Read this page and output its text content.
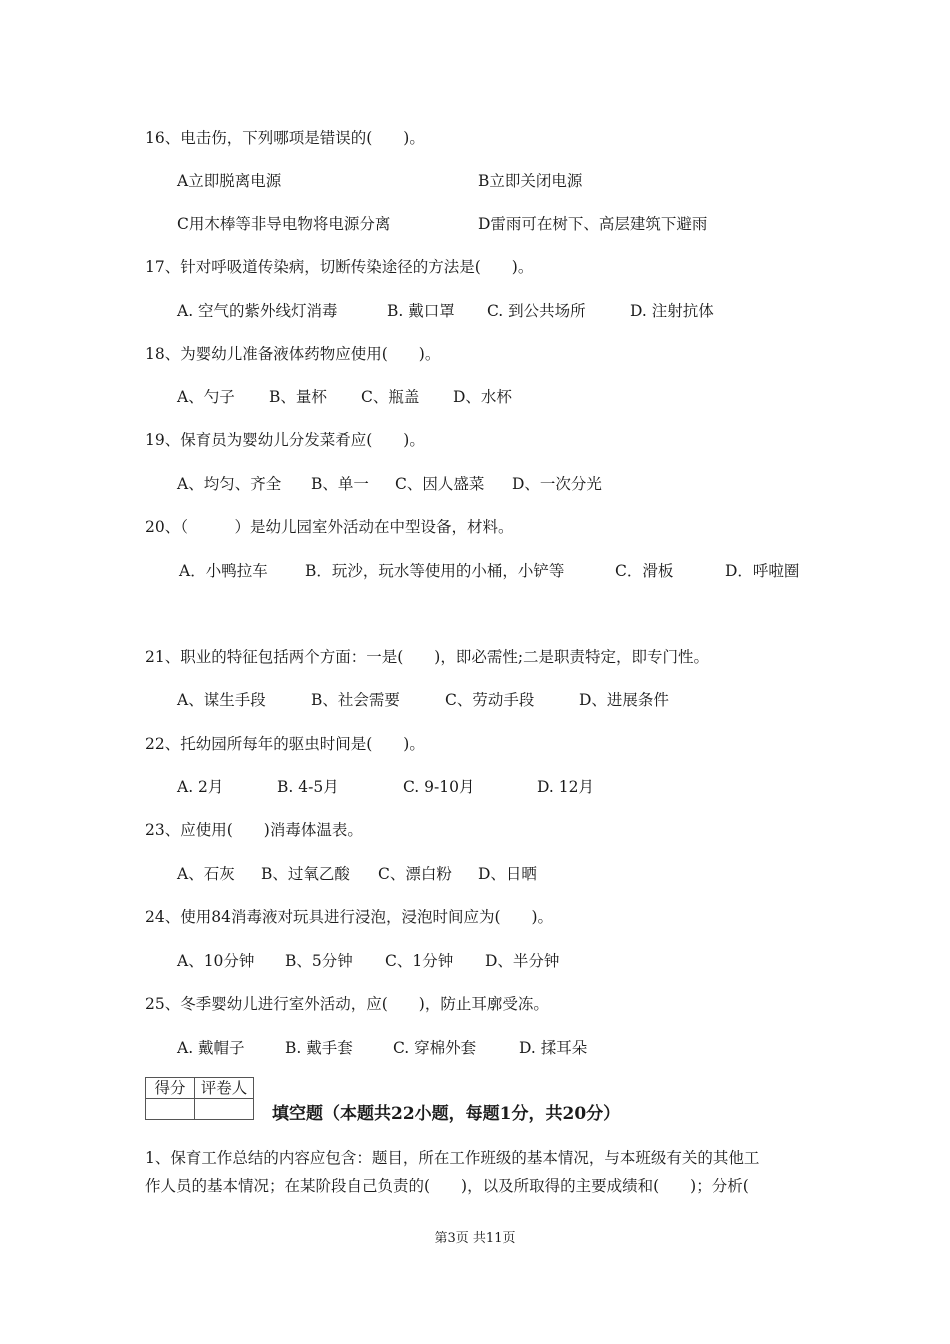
16、电击伤，下列哪项是错误的(　　)。
A立即脱离电源	B立即关闭电源
C用木棒等非导电物将电源分离	D雷雨可在树下、高层建筑下避雨
17、针对呼吸道传染病，切断传染途径的方法是(　　)。
A. 空气的紫外线灯消毒	B. 戴口罩 C. 到公共场所	D. 注射抗体
18、为婴幼儿准备液体药物应使用(　　)。
A、勺子 B、量杯 C、瓶盖 D、水杯
19、保育员为婴幼儿分发菜肴应(　　)。
A、均匀、齐全 B、单一 C、因人盛菜 D、一次分光
20、（　　　）是幼儿园室外活动在中型设备，材料。
A．小鸭拉车 B．玩沙，玩水等使用的小桶，小铲等	C．滑板	D．呼啦圈
21、职业的特征包括两个方面：一是(　　)，即必需性;二是职责特定，即专门性。
A、谋生手段	B、社会需要	C、劳动手段	D、进展条件
22、托幼园所每年的驱虫时间是(　　)。
A. 2月	B. 4-5月	C. 9-10月	D. 12月
23、应使用(　　)消毒体温表。
A、石灰 B、过氧乙酸 C、漂白粉 D、日晒
24、使用84消毒液对玩具进行浸泡，浸泡时间应为(　　)。
A、10分钟 B、5分钟 C、1分钟 D、半分钟
25、冬季婴幼儿进行室外活动，应(　　)，防止耳廓受冻。
A. 戴帽子	B. 戴手套	C. 穿棉外套	D. 揉耳朵
得分	评卷人

填空题（本题共22小题，每题1分，共20分）
1、保育工作总结的内容应包含：题目，所在工作班级的基本情况，与本班级有关的其他工
作人员的基本情况；在某阶段自己负责的(　　)，以及所取得的主要成绩和(　　)；分析(
第3页 共11页
